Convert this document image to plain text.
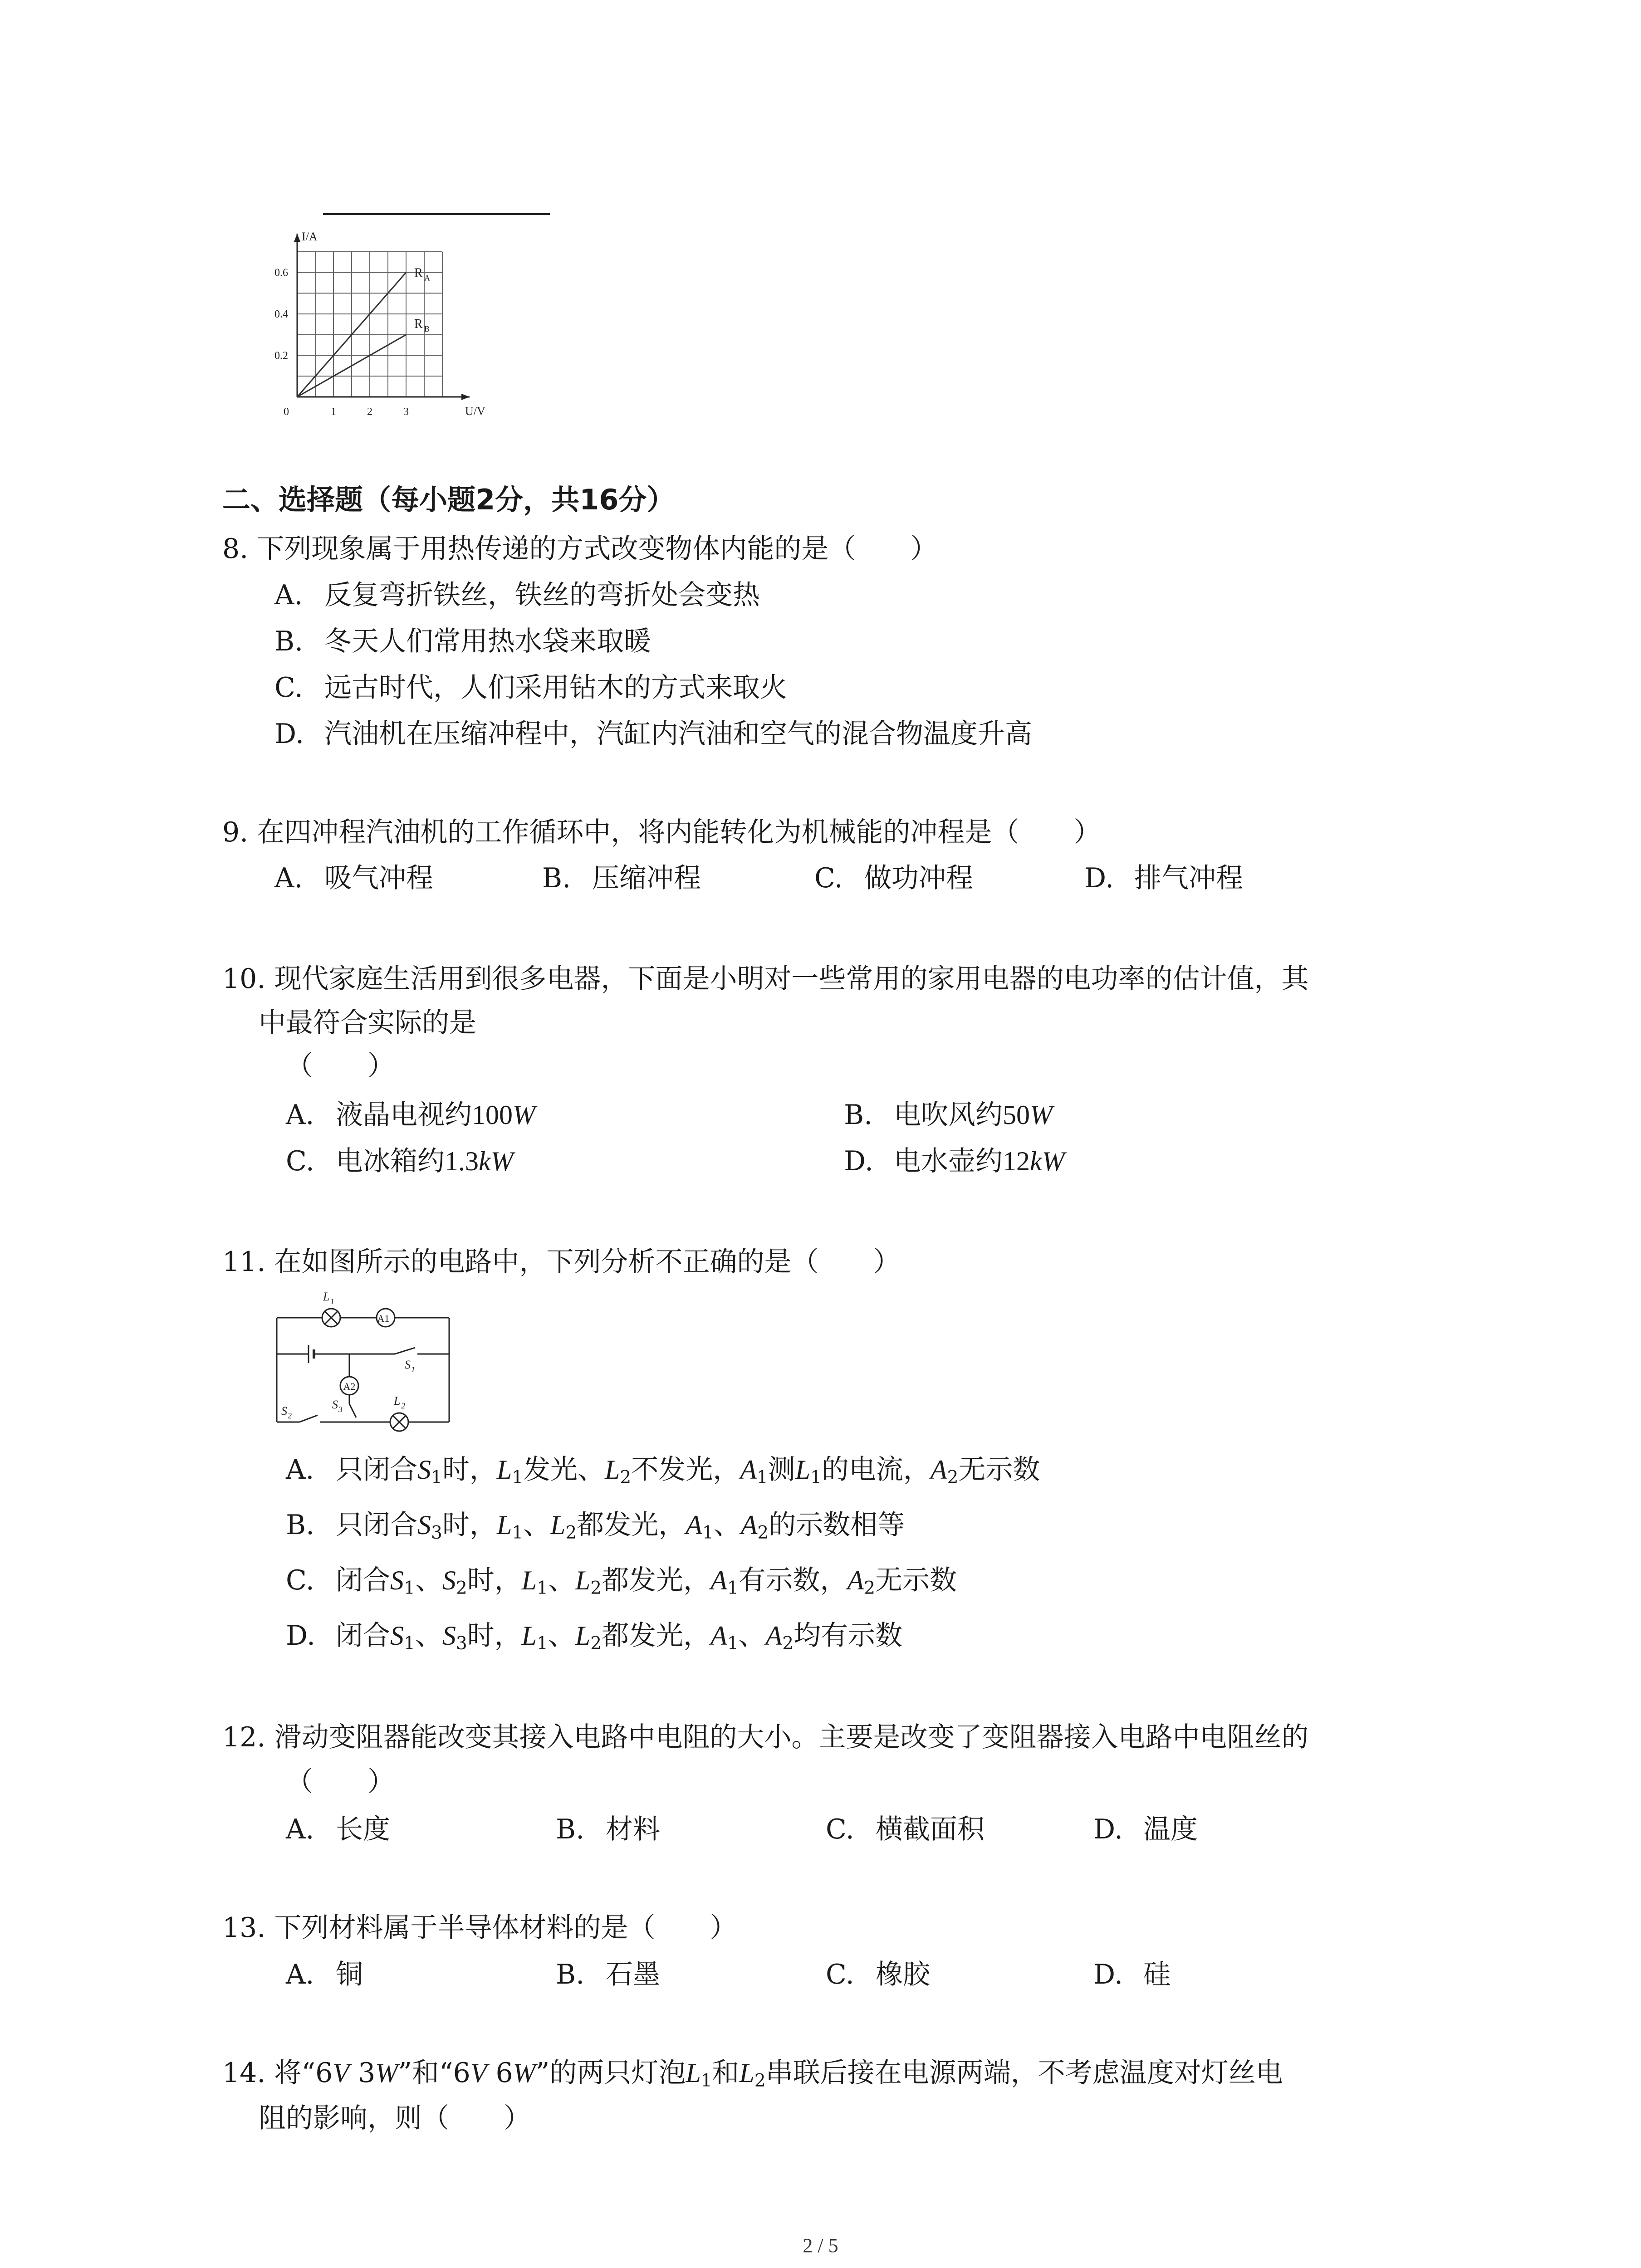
I/A
U/V
0
0.6
0.4
0.2
1	2	3
R A
R B
二、选择题（每小题2分，共16分）
8. 下列现象属于用热传递的方式改变物体内能的是（　　）
A. 反复弯折铁丝，铁丝的弯折处会变热
B. 冬天人们常用热水袋来取暖
C. 远古时代，人们采用钻木的方式来取火
D. 汽油机在压缩冲程中，汽缸内汽油和空气的混合物温度升高
9. 在四冲程汽油机的工作循环中，将内能转化为机械能的冲程是（　　）
A. 吸气冲程	B. 压缩冲程	C. 做功冲程	D. 排气冲程
10. 现代家庭生活用到很多电器，下面是小明对一些常用的家用电器的电功率的估计值，其
中最符合实际的是
（　　）
A. 液晶电视约100W	B. 电吹风约50W
C. 电冰箱约1.3kW	D. 电水壶约12kW
11. 在如图所示的电路中，下列分析不正确的是（　　）
A1
A2
L 1
L 2
S 1
S 2
S 3
A. 只闭合$S_1$时，$L_1$发光、$L_2$不发光，$A_1$测$L_1$的电流，$A_2$无示数
B. 只闭合$S_3$时，$L_1$、$L_2$都发光，$A_1$、$A_2$的示数相等
C. 闭合$S_1$、$S_2$时，$L_1$、$L_2$都发光，$A_1$有示数，$A_2$无示数
D. 闭合$S_1$、$S_3$时，$L_1$、$L_2$都发光，$A_1$、$A_2$均有示数
12. 滑动变阻器能改变其接入电路中电阻的大小。主要是改变了变阻器接入电路中电阻丝的
（　　）
A. 长度	B. 材料	C. 横截面积	D. 温度
13. 下列材料属于半导体材料的是（　　）
A. 铜	B. 石墨	C. 橡胶	D. 硅
14. 将“6V 3W”和“6V 6W”的两只灯泡$L_1$和$L_2$串联后接在电源两端，不考虑温度对灯丝电
阻的影响，则（　　）
2 / 5
